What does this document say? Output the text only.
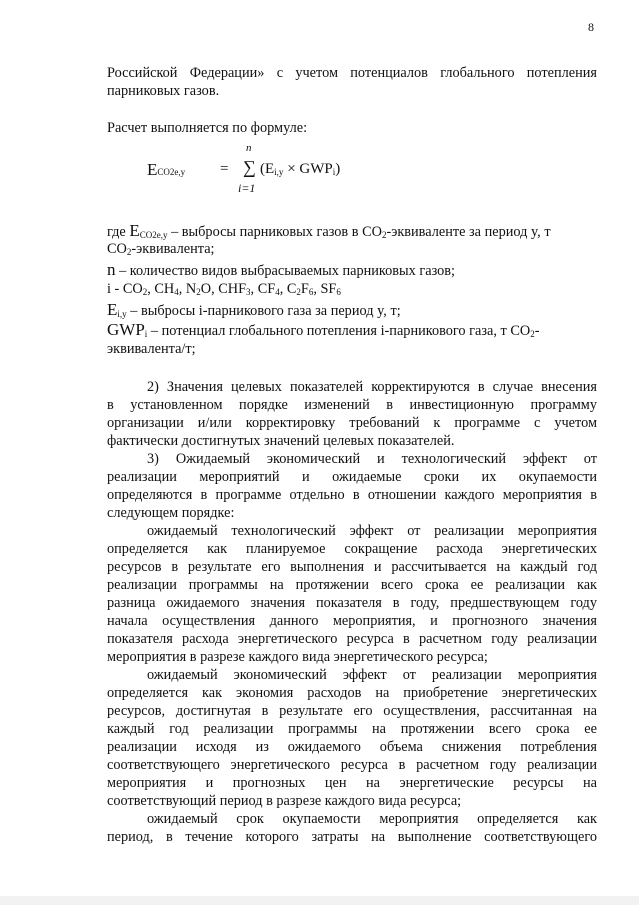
8
Российской Федерации» с учетом потенциалов глобального потепления
парниковых газов.
Расчет выполняется по формуле:
ECO2e,y =
n
∑
i=1
$(E_{i,y} \times GWP_i)$
где $E_{CO2e,y}$ – выбросы парниковых газов в $СО_2$-эквиваленте за период y, т
$СО_2$-эквивалента;
n – количество видов выбрасываемых парниковых газов;
i - $CO_2$, $CH_4$, $N_2O$, $CHF_3$, $CF_4$, $C_2F_6$, $SF_6$
$E_{i,y}$ – выбросы i-парникового газа за период y, т;
$GWP_i$ – потенциал глобального потепления i-парникового газа, т $СО_2-$
эквивалента/т;
2) Значения целевых показателей корректируются в случае внесения
в установленном порядке изменений в инвестиционную программу
организации и/или корректировку требований к программе с учетом
фактически достигнутых значений целевых показателей.
3) Ожидаемый экономический и технологический эффект от
реализации мероприятий и ожидаемые сроки их окупаемости
определяются в программе отдельно в отношении каждого мероприятия в
следующем порядке:
ожидаемый технологический эффект от реализации мероприятия
определяется как планируемое сокращение расхода энергетических
ресурсов в результате его выполнения и рассчитывается на каждый год
реализации программы на протяжении всего срока ее реализации как
разница ожидаемого значения показателя в году, предшествующем году
начала осуществления данного мероприятия, и прогнозного значения
показателя расхода энергетического ресурса в расчетном году реализации
мероприятия в разрезе каждого вида энергетического ресурса;
ожидаемый экономический эффект от реализации мероприятия
определяется как экономия расходов на приобретение энергетических
ресурсов, достигнутая в результате его осуществления, рассчитанная на
каждый год реализации программы на протяжении всего срока ее
реализации исходя из ожидаемого объема снижения потребления
соответствующего энергетического ресурса в расчетном году реализации
мероприятия и прогнозных цен на энергетические ресурсы на
соответствующий период в разрезе каждого вида ресурса;
ожидаемый срок окупаемости мероприятия определяется как
период, в течение которого затраты на выполнение соответствующего
